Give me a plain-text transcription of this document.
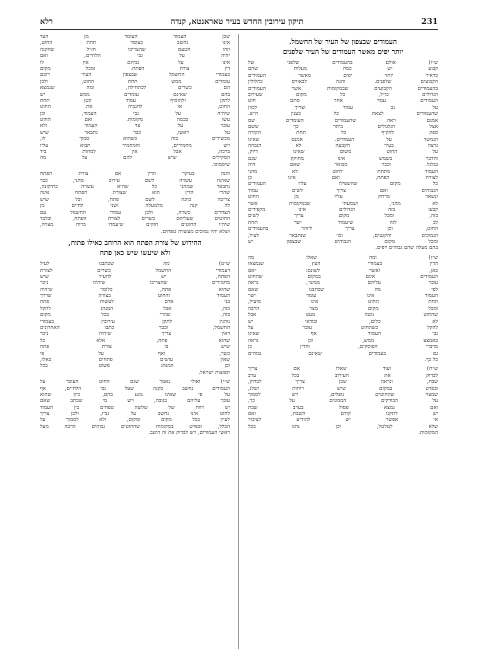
231
תיקון עירובין החדש בעיר טאראנטא, קנדה
רלא
העמודים שבצפון של העיר של החשמל.
יותר יפים מאשר העמודים של העיר שלפנים
ש״ו) אולם בהעמודים שלפני של
קבוע יש כמה מעלות שהם
כדאיר יותר יפים מאשר העמודים
הקבועים שלפנים. והנה לבאורס כהלולין
בהעמודים הקבועים שבמקומות אשר העמודים
הגדולים כו״ל, כל מקום שעירוב
העמודים עמד אחר סתם חוט
על גב עמוד וצריך לכוון
שהעמודים לצאת כל בענין היש.
אמנם ראה שהעמודים העומדים שם
אצל הגלגולים ביתר כך ששם
ספק להקיף כל תחת הקורה
הנמשך על העמודים. אמנם שאינו
נרצה בעיר הקבעה לא הגבהה
על החוט משום שאינו דיוק,
והדבר בשמש אינו מחוקק שגם
בגלגל. וכבר מבואר שאם היה
העמוד מתחת לחוט לא מהני
לצורת הפתח, ואם אינו כן
כל מקום שהשפילו עליו העמודים
הגבוהים ואם צריך לשים עמוד
ונשאר מרחק עליו מן החוט
לא מהני, ושמעתי שבמקומות אשר
קבעו בזה הגדולים אינו מקפידים
בזה, ומכל מקום צריך לשים
לב לזה שיעמוד ישר תחת
החוט, וכן צריך ליזהר בהעמודים
הנמוכים והקטנים, וכו׳ שנתבאר לעיל,
ומכל מקום הגבוהים שבצפון יש
בהם מעלה שהם גבוהים ויפים.
ש״ז) ומה שאלו מה
הדין בעמודי העץ שנמצאו
כאן, ואשר לשונם: ״אם
העמודים אינם במקום שהחוט
עובר עליהם ממש״, נראה
לפי מה שכתבנו שאם
העמוד אינו עומד ישר
תחת החוט אינו מועיל,
ומכל מקום מצוי הרבה
שהחוט נוטה מעט אבל
לא כלום, ובודאי יש
להקל כשהחוט עובר על
גבי העמוד אף שאינו
באמצע ממש, וכן נראה
מדברי הפוסקים, והדין כן
גם בעמודים שאינם גבוהים
כל כך.
ש״ח) ועוד שאלו אם צריך
לבדוק את העירוב בכל ערב
שבת, ונראה שכן צריך לבדוק,
ובפרט במקום שיש רוחות ושלג,
שמצוי שהחוטים נופלים, ויש לסמוך
על הבודקים הממונים על כך,
ואם נמצא פסול בערב שבת
יש לתקנו קודם השבת, ואם
אי אפשר יש להודיע לציבור
שלא לטלטל, וכן נהגו בכל
המקומות.
שכן העמוד העומד מן הצד
אינו נחשב כעומד תחת החוט,
וזהו הטעם שהצריכו חז״ל שהקנה
יהיה על גבי הלחיים, ואם
אינו על גביהם אין לו
דין צורת הפתח. ומכל מקום
בעמודי החשמל שבצפון העיר רובם
עומדים ממש תחת החוט, ולכן
הם כשרים לכתחילה, ומה שנמצא
בהם שאינם עומדים ממש יש
לתקן ולהוסיף עמוד קטן תחת
החוט, או להגביה את החוט
שיהיה על גבי העמוד, וכן
עשו בכמה מקומות. ואם החוט
עובר על צד העמוד ולא
על ראשו, כבר נתבאר שיש
מכשירים בזה כשהוא סמוך לו,
ויש מחמירים, והמחמיר תבוא עליו
ברכה, אבל אין למחות ביד
המקילים שיש להם על מה
שיסמוכו.
והנה בעיקר הדין אם צורת הפתח
שאינה עשויה לשם עירוב מהני, כבר
נתבאר שמהני כל שהיא עשויה כתיקונה,
שהרי הדין הוא שצורת הפתח אינה
צריכה כוונה לשם פתח, וכל שיש
לה קנה מלמעלה ושני לחיים מן
הצדדים כשרה, ולכן עמודי החשמל עם
החוטים שעליהם כשרים לצורת הפתח, ובלבד
שיהיו החוטים חזקים שיעמדו ברוח מצויה,
ושלא יהיו נמוכים מעשרה טפחים.
החידוש של צורת הפתח הוא הרוחב כאילו פתוח,
ולא שיעשו שיש כאן פתח
ש״ט) מה שכתבנו לעיל
דעמודי החשמל כשרים לצורת
הפתח, יש להעיר שיש
מחמירים שהצריכו שיהיה ניכר
שהוא פתח, כלומר שיהיה
העמוד והחוט בצורה שדרך
בני אדם לעשות פתח
כזה, אבל המנהג להקל
בזה, שהרי בכל מקום
נוהגין לתקן עירובין בעמודי
החשמל, וכבר כתבו האחרונים
דאין צריך שיהיה ניכר
שהוא פתח, אלא כל
שיש בו צורת פתח
כשר, ואף על פי
שאין עושים פתחים כאלו,
וכן המנהג פשוט בכל
תפוצות ישראל.
ש״י) ואולי נאמר שגם החוט העובר על
העמודים נחשב כקנה שעל גבי הלחיים, אף
על פי שאינו נוגע בהם, כיון שהוא
עובר עליהם בגובה, ויש מי שכתב שאם
יש רווח של שלשה טפחים בין העמוד
לחוט אינו נחשב על גביו, ולכן צריך
לעיין בכל מקום ומקום, ולא לסמוך על
הכלל, ובפרט במקומות שהחוטים גבוהים הרבה מעל
ראשי העמודים, ויש לבדוק את זה היטב.
